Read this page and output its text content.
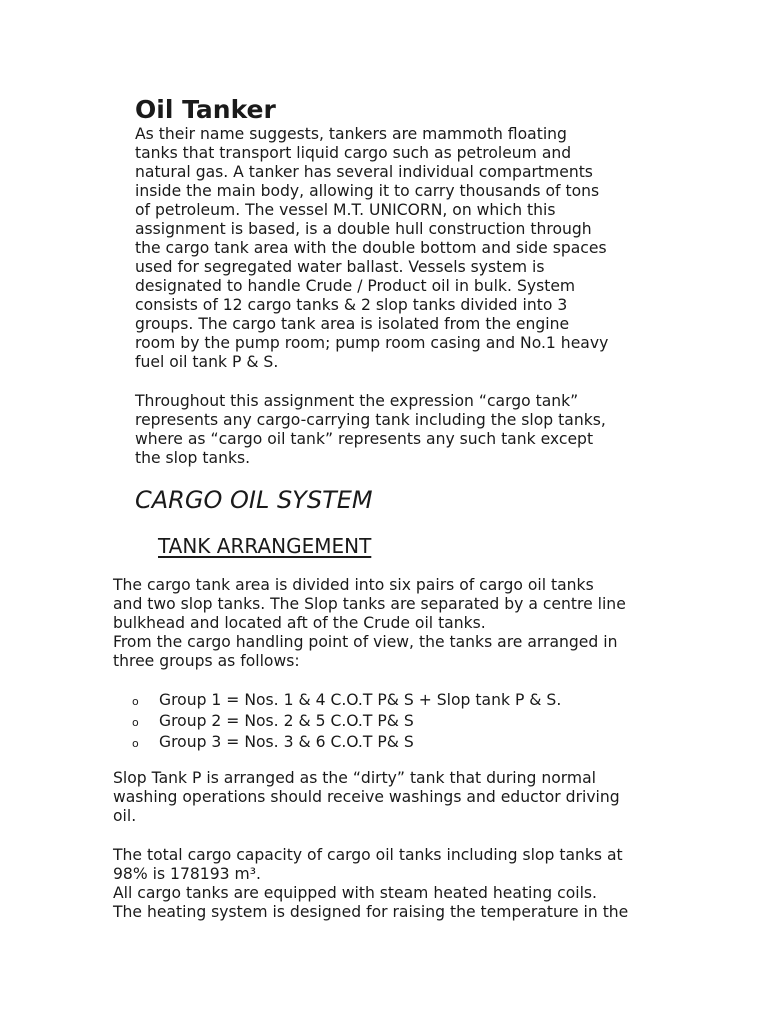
Oil Tanker

As their name suggests, tankers are mammoth floating
tanks that transport liquid cargo such as petroleum and
natural gas. A tanker has several individual compartments
inside the main body, allowing it to carry thousands of tons
of petroleum. The vessel M.T. UNICORN, on which this
assignment is based, is a double hull construction through
the cargo tank area with the double bottom and side spaces
used for segregated water ballast. Vessels system is
designated to handle Crude / Product oil in bulk. System
consists of 12 cargo tanks & 2 slop tanks divided into 3
groups. The cargo tank area is isolated from the engine
room by the pump room; pump room casing and No.1 heavy
fuel oil tank P & S.

Throughout this assignment the expression “cargo tank”
represents any cargo-carrying tank including the slop tanks,
where as “cargo oil tank” represents any such tank except
the slop tanks.

CARGO OIL SYSTEM
TANK ARRANGEMENT

The cargo tank area is divided into six pairs of cargo oil tanks
and two slop tanks. The Slop tanks are separated by a centre line
bulkhead and located aft of the Crude oil tanks.
From the cargo handling point of view, the tanks are arranged in
three groups as follows:

o Group 1 = Nos. 1 & 4 C.O.T P& S + Slop tank P & S.
o Group 2 = Nos. 2 & 5 C.O.T P& S
o Group 3 = Nos. 3 & 6 C.O.T P& S

Slop Tank P is arranged as the “dirty” tank that during normal
washing operations should receive washings and eductor driving
oil.

The total cargo capacity of cargo oil tanks including slop tanks at
98% is 178193 m³.
All cargo tanks are equipped with steam heated heating coils.
The heating system is designed for raising the temperature in the
